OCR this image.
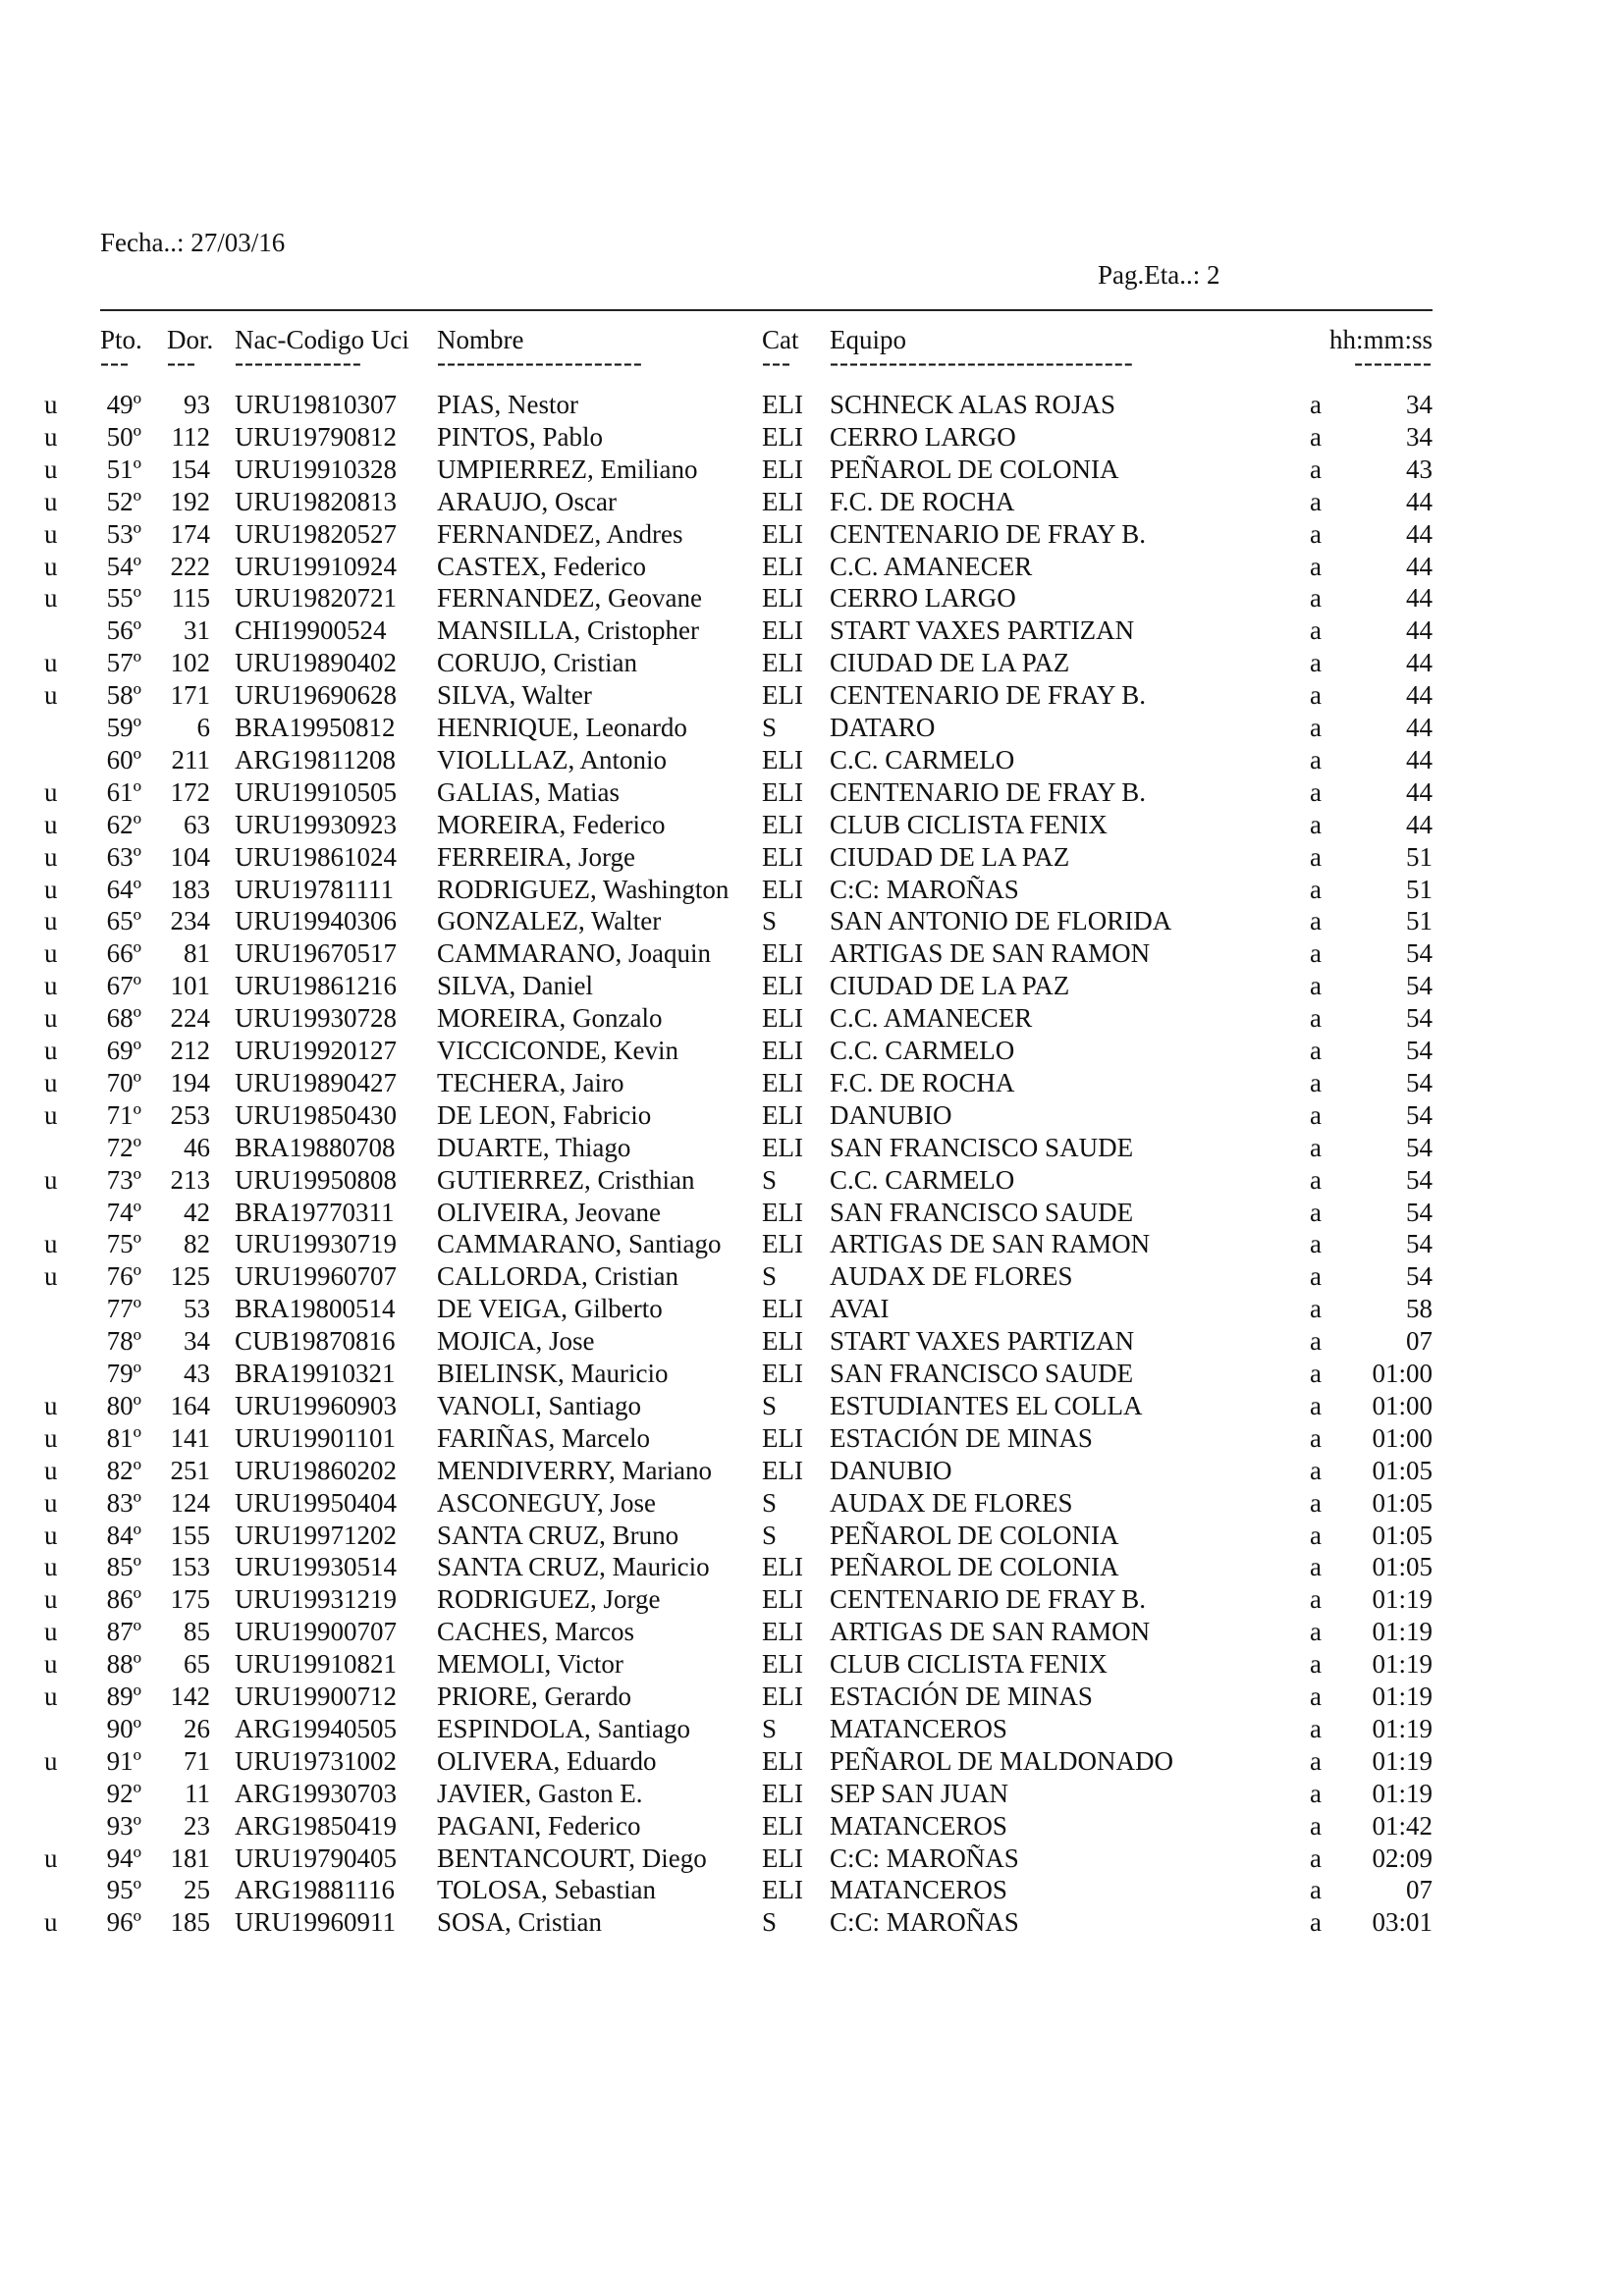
Fecha..: 27/03/16
Pag.Eta..: 2
Pto. Dor. Nac-Codigo Uci Nombre	Cat Equipo	hh:mm:ss
--- --- -------------	---------------------	--- -------------------------------	--------
u 49º 93 URU19810307 PIAS, Nestor	ELI SCHNECK ALAS ROJAS	a	34
u 50º 112 URU19790812 PINTOS, Pablo	ELI CERRO LARGO	a	34
u 51º 154 URU19910328 UMPIERREZ, Emiliano ELI PEÑAROL DE COLONIA	a	43
u 52º 192 URU19820813 ARAUJO, Oscar	ELI F.C. DE ROCHA	a	44
u 53º 174 URU19820527 FERNANDEZ, Andres	ELI CENTENARIO DE FRAY B.	a	44
u 54º 222 URU19910924 CASTEX, Federico	ELI C.C. AMANECER	a	44
u 55º 115 URU19820721 FERNANDEZ, Geovane ELI CERRO LARGO	a	44
56º 31 CHI19900524 MANSILLA, Cristopher ELI START VAXES PARTIZAN	a	44
u 57º 102 URU19890402 CORUJO, Cristian	ELI CIUDAD DE LA PAZ	a	44
u 58º 171 URU19690628 SILVA, Walter	ELI CENTENARIO DE FRAY B.	a	44
59º 6 BRA19950812 HENRIQUE, Leonardo	S DATARO	a	44
60º 211 ARG19811208 VIOLLLAZ, Antonio	ELI C.C. CARMELO	a	44
u 61º 172 URU19910505 GALIAS, Matias	ELI CENTENARIO DE FRAY B.	a	44
u 62º 63 URU19930923 MOREIRA, Federico	ELI CLUB CICLISTA FENIX	a	44
u 63º 104 URU19861024 FERREIRA, Jorge	ELI CIUDAD DE LA PAZ	a	51
u 64º 183 URU19781111 RODRIGUEZ, Washington ELI C:C: MAROÑAS	a	51
u 65º 234 URU19940306 GONZALEZ, Walter	S SAN ANTONIO DE FLORIDA	a	51
u 66º 81 URU19670517 CAMMARANO, Joaquin ELI ARTIGAS DE SAN RAMON	a	54
u 67º 101 URU19861216 SILVA, Daniel	ELI CIUDAD DE LA PAZ	a	54
u 68º 224 URU19930728 MOREIRA, Gonzalo	ELI C.C. AMANECER	a	54
u 69º 212 URU19920127 VICCICONDE, Kevin	ELI C.C. CARMELO	a	54
u 70º 194 URU19890427 TECHERA, Jairo	ELI F.C. DE ROCHA	a	54
u 71º 253 URU19850430 DE LEON, Fabricio	ELI DANUBIO	a	54
72º 46 BRA19880708 DUARTE, Thiago	ELI SAN FRANCISCO SAUDE	a	54
u 73º 213 URU19950808 GUTIERREZ, Cristhian	S C.C. CARMELO	a	54
74º 42 BRA19770311 OLIVEIRA, Jeovane	ELI SAN FRANCISCO SAUDE	a	54
u 75º 82 URU19930719 CAMMARANO, Santiago ELI ARTIGAS DE SAN RAMON	a	54
u 76º 125 URU19960707 CALLORDA, Cristian	S AUDAX DE FLORES	a	54
77º 53 BRA19800514 DE VEIGA, Gilberto	ELI AVAI	a	58
78º 34 CUB19870816 MOJICA, Jose	ELI START VAXES PARTIZAN	a	07
79º 43 BRA19910321 BIELINSK, Mauricio	ELI SAN FRANCISCO SAUDE	a 01:00
u 80º 164 URU19960903 VANOLI, Santiago	S ESTUDIANTES EL COLLA	a 01:00
u 81º 141 URU19901101 FARIÑAS, Marcelo	ELI ESTACIÓN DE MINAS	a 01:00
u 82º 251 URU19860202 MENDIVERRY, Mariano ELI DANUBIO	a 01:05
u 83º 124 URU19950404 ASCONEGUY, Jose	S AUDAX DE FLORES	a 01:05
u 84º 155 URU19971202 SANTA CRUZ, Bruno	S PEÑAROL DE COLONIA	a 01:05
u 85º 153 URU19930514 SANTA CRUZ, Mauricio ELI PEÑAROL DE COLONIA	a 01:05
u 86º 175 URU19931219 RODRIGUEZ, Jorge	ELI CENTENARIO DE FRAY B.	a 01:19
u 87º 85 URU19900707 CACHES, Marcos	ELI ARTIGAS DE SAN RAMON	a 01:19
u 88º 65 URU19910821 MEMOLI, Victor	ELI CLUB CICLISTA FENIX	a 01:19
u 89º 142 URU19900712 PRIORE, Gerardo	ELI ESTACIÓN DE MINAS	a 01:19
90º 26 ARG19940505 ESPINDOLA, Santiago	S MATANCEROS	a 01:19
u 91º 71 URU19731002 OLIVERA, Eduardo	ELI PEÑAROL DE MALDONADO	a 01:19
92º 11 ARG19930703 JAVIER, Gaston E.	ELI SEP SAN JUAN	a 01:19
93º 23 ARG19850419 PAGANI, Federico	ELI MATANCEROS	a 01:42
u 94º 181 URU19790405 BENTANCOURT, Diego ELI C:C: MAROÑAS	a 02:09
95º 25 ARG19881116 TOLOSA, Sebastian	ELI MATANCEROS	a	07
u 96º 185 URU19960911 SOSA, Cristian	S C:C: MAROÑAS	a 03:01
